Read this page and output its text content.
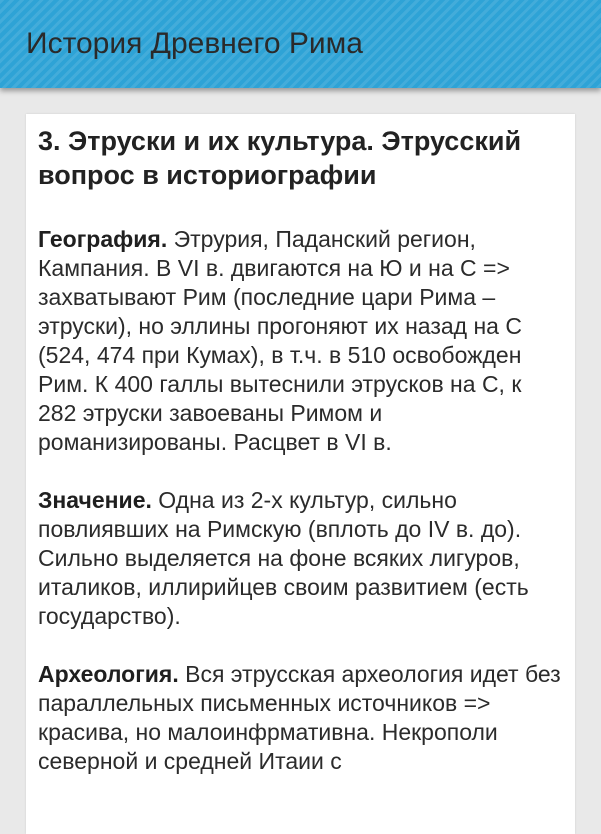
История Древнего Рима
3. Этруски и их культура. Этрусский вопрос в историографии

География. Этрурия, Паданский регион, Кампания. В VI в. двигаются на Ю и на С => захватывают Рим (последние цари Рима – этруски), но эллины прогоняют их назад на С (524, 474 при Кумах), в т.ч. в 510 освобожден Рим. К 400 галлы вытеснили этрусков на С, к 282 этруски завоеваны Римом и романизированы. Расцвет в VI в.

Значение. Одна из 2-х культур, сильно повлиявших на Римскую (вплоть до IV в. до). Сильно выделяется на фоне всяких лигуров, италиков, иллирийцев своим развитием (есть государство).

Археология. Вся этрусская археология идет без параллельных письменных источников => красива, но малоинфрмативна. Некрополи северной и средней Итаии с
